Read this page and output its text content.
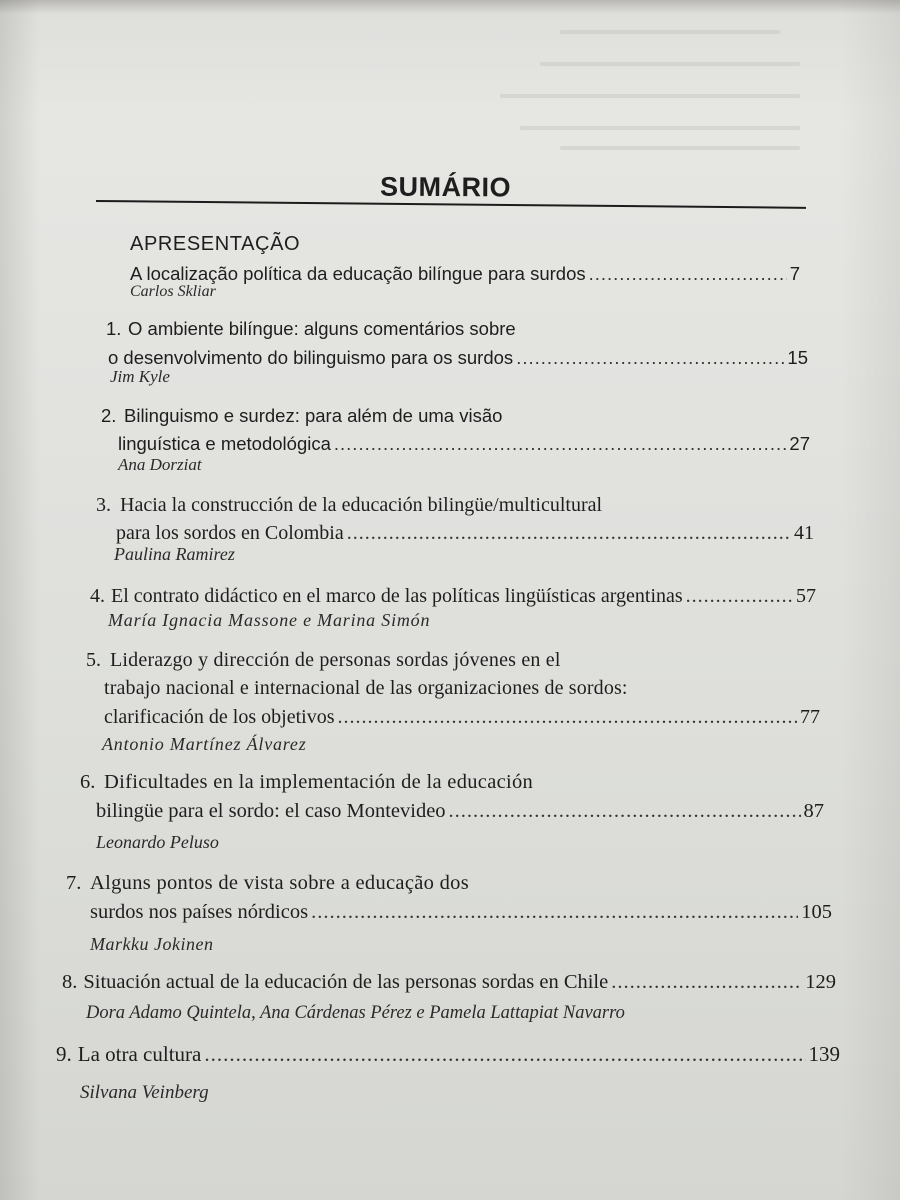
SUMÁRIO
APRESENTAÇÃO
A localização política da educação bilíngue para surdos .....	7
Carlos Skliar
1. O ambiente bilíngue: alguns comentários sobre
o desenvolvimento do bilinguismo para os surdos .....	15
Jim Kyle
2. Bilinguismo e surdez: para além de uma visão
linguística e metodológica .....	27
Ana Dorziat
3. Hacia la construcción de la educación bilingüe/multicultural
para los sordos en Colombia .....	41
Paulina Ramirez
4. El contrato didáctico en el marco de las políticas lingüísticas argentinas .....	57
María Ignacia Massone e Marina Simón
5. Liderazgo y dirección de personas sordas jóvenes en el
trabajo nacional e internacional de las organizaciones de sordos:
clarificación de los objetivos .....	77
Antonio Martínez Álvarez
6. Dificultades en la implementación de la educación
bilingüe para el sordo: el caso Montevideo .....	87
Leonardo Peluso
7. Alguns pontos de vista sobre a educação dos
surdos nos países nórdicos .....	105
Markku Jokinen
8. Situación actual de la educación de las personas sordas en Chile .....	129
Dora Adamo Quintela, Ana Cárdenas Pérez e Pamela Lattapiat Navarro
9. La otra cultura .....	139
Silvana Veinberg
